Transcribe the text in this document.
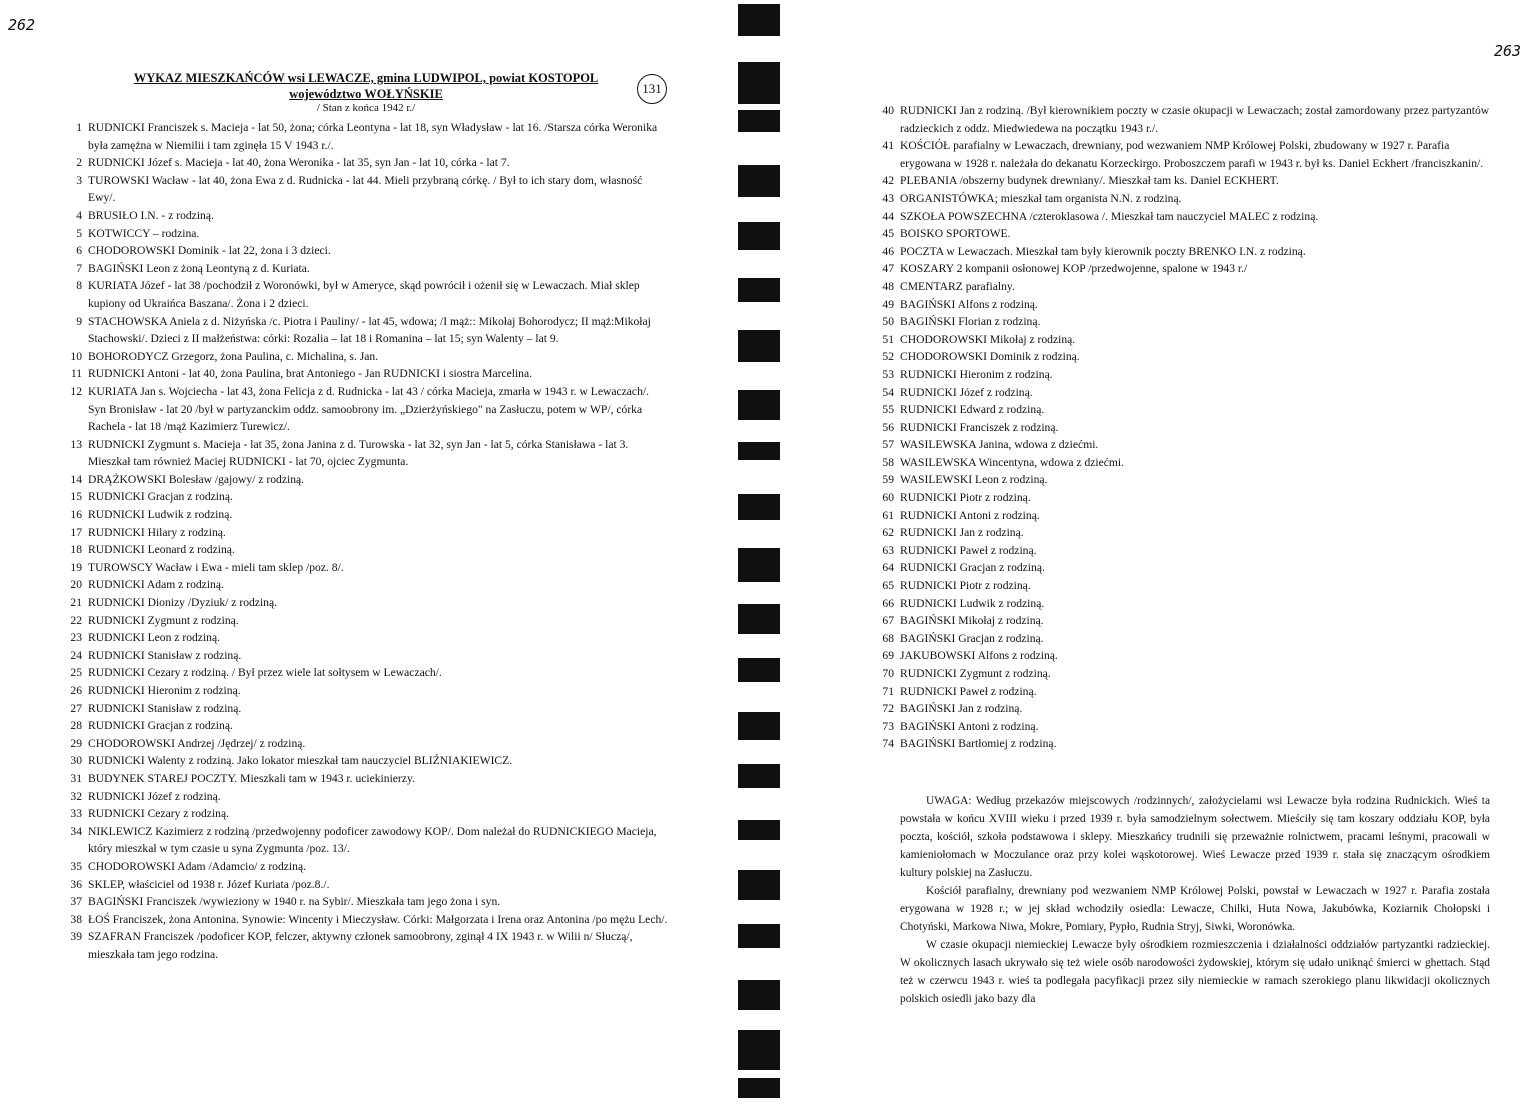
262
263
WYKAZ MIESZKAŃCÓW wsi LEWACZE, gmina LUDWIPOL, powiat KOSTOPOL
województwo WOŁYŃSKIE
/ Stan z końca 1942 r./
131
1 RUDNICKI Franciszek s. Macieja - lat 50, żona; córka Leontyna - lat 18, syn Władysław - lat 16. /Starsza córka Weronika była zamężna w Niemilii i tam zginęła 15 V 1943 r./.
2 RUDNICKI Józef s. Macieja - lat 40, żona Weronika - lat 35, syn Jan - lat 10, córka - lat 7.
3 TUROWSKI Wacław - lat 40, żona Ewa z d. Rudnicka - lat 44. Mieli przybraną córkę. / Był to ich stary dom, własność Ewy/.
4 BRUSIŁO I.N. - z rodziną.
5 KOTWICCY – rodzina.
6 CHODOROWSKI Dominik - lat 22, żona i 3 dzieci.
7 BAGIŃSKI Leon z żoną Leontyną z d. Kuriata.
8 KURIATA Józef - lat 38 /pochodził z Woronówki, był w Ameryce, skąd powrócił i ożenił się w Lewaczach. Miał sklep kupiony od Ukraińca Baszana/. Żona i 2 dzieci.
9 STACHOWSKA Aniela z d. Niżyńska /c. Piotra i Pauliny/ - lat 45, wdowa; /I mąż:: Mikołaj Bohorodycz; II mąż:Mikołaj Stachowski/. Dzieci z II małżeństwa: córki: Rozalia – lat 18 i Romanina – lat 15; syn Walenty – lat 9.
10 BOHORODYCZ Grzegorz, żona Paulina, c. Michalina, s. Jan.
11 RUDNICKI Antoni - lat 40, żona Paulina, brat Antoniego - Jan RUDNICKI i siostra Marcelina.
12 KURIATA Jan s. Wojciecha - lat 43, żona Felicja z d. Rudnicka - lat 43 / córka Macieja, zmarła w 1943 r. w Lewaczach/. Syn Bronisław - lat 20 /był w partyzanckim oddz. samoobrony im. „Dzierżyńskiego" na Zasłuczu, potem w WP/, córka Rachela - lat 18 /mąż Kazimierz Turewicz/.
13 RUDNICKI Zygmunt s. Macieja - lat 35, żona Janina z d. Turowska - lat 32, syn Jan - lat 5, córka Stanisława - lat 3. Mieszkał tam również Maciej RUDNICKI - lat 70, ojciec Zygmunta.
14 DRĄŻKOWSKI Bolesław /gajowy/ z rodziną.
15 RUDNICKI Gracjan z rodziną.
16 RUDNICKI Ludwik z rodziną.
17 RUDNICKI Hilary z rodziną.
18 RUDNICKI Leonard z rodziną.
19 TUROWSCY Wacław i Ewa - mieli tam sklep /poz. 8/.
20 RUDNICKI Adam z rodziną.
21 RUDNICKI Dionizy /Dyziuk/ z rodziną.
22 RUDNICKI Zygmunt z rodziną.
23 RUDNICKI Leon z rodziną.
24 RUDNICKI Stanisław z rodziną.
25 RUDNICKI Cezary z rodziną. / Był przez wiele lat sołtysem w Lewaczach/.
26 RUDNICKI Hieronim z rodziną.
27 RUDNICKI Stanisław z rodziną.
28 RUDNICKI Gracjan z rodziną.
29 CHODOROWSKI Andrzej /Jędrzej/ z rodziną.
30 RUDNICKI Walenty z rodziną. Jako lokator mieszkał tam nauczyciel BLIŹNIAKIEWICZ.
31 BUDYNEK STAREJ POCZTY. Mieszkali tam w 1943 r. uciekinierzy.
32 RUDNICKI Józef z rodziną.
33 RUDNICKI Cezary z rodziną.
34 NIKLEWICZ Kazimierz z rodziną /przedwojenny podoficer zawodowy KOP/. Dom należał do RUDNICKIEGO Macieja, który mieszkał w tym czasie u syna Zygmunta /poz. 13/.
35 CHODOROWSKI Adam /Adamcio/ z rodziną.
36 SKLEP, właściciel od 1938 r. Józef Kuriata /poz.8./.
37 BAGIŃSKI Franciszek /wywieziony w 1940 r. na Sybir/. Mieszkała tam jego żona i syn.
38 ŁOŚ Franciszek, żona Antonina. Synowie: Wincenty i Mieczysław. Córki: Małgorzata i Irena oraz Antonina /po mężu Lech/.
39 SZAFRAN Franciszek /podoficer KOP, felczer, aktywny członek samoobrony, zginął 4 IX 1943 r. w Wilii n/ Słuczą/, mieszkała tam jego rodzina.
40 RUDNICKI Jan z rodziną. /Był kierownikiem poczty w czasie okupacji w Lewaczach; został zamordowany przez partyzantów radzieckich z oddz. Miedwiedewa na początku 1943 r./.
41 KOŚCIÓŁ parafialny w Lewaczach, drewniany, pod wezwaniem NMP Królowej Polski, zbudowany w 1927 r. Parafia erygowana w 1928 r. należała do dekanatu Korzeckirgo. Proboszczem parafi w 1943 r. był ks. Daniel Eckhert /franciszkanin/.
42 PLEBANIA /obszerny budynek drewniany/. Mieszkał tam ks. Daniel ECKHERT.
43 ORGANISTÓWKA; mieszkał tam organista N.N. z rodziną.
44 SZKOŁA POWSZECHNA /czteroklasowa /. Mieszkał tam nauczyciel MALEC z rodziną.
45 BOISKO SPORTOWE.
46 POCZTA w Lewaczach. Mieszkał tam były kierownik poczty BRENKO I.N. z rodziną.
47 KOSZARY 2 kompanii osłonowej KOP /przedwojenne, spalone w 1943 r./
48 CMENTARZ parafialny.
49 BAGIŃSKI Alfons z rodziną.
50 BAGIŃSKI Florian z rodziną.
51 CHODOROWSKI Mikołaj z rodziną.
52 CHODOROWSKI Dominik z rodziną.
53 RUDNICKI Hieronim z rodziną.
54 RUDNICKI Józef z rodziną.
55 RUDNICKI Edward z rodziną.
56 RUDNICKI Franciszek z rodziną.
57 WASILEWSKA Janina, wdowa z dziećmi.
58 WASILEWSKA Wincentyna, wdowa z dziećmi.
59 WASILEWSKI Leon z rodziną.
60 RUDNICKI Piotr z rodziną.
61 RUDNICKI Antoni z rodziną.
62 RUDNICKI Jan z rodziną.
63 RUDNICKI Paweł z rodziną.
64 RUDNICKI Gracjan z rodziną.
65 RUDNICKI Piotr z rodziną.
66 RUDNICKI Ludwik z rodziną.
67 BAGIŃSKI Mikołaj z rodziną.
68 BAGIŃSKI Gracjan z rodziną.
69 JAKUBOWSKI Alfons z rodziną.
70 RUDNICKI Zygmunt z rodziną.
71 RUDNICKI Paweł z rodziną.
72 BAGIŃSKI Jan z rodziną.
73 BAGIŃSKI Antoni z rodziną.
74 BAGIŃSKI Bartłomiej z rodziną.

UWAGA: Według przekazów miejscowych /rodzinnych/, założycielami wsi Lewacze była rodzina Rudnickich. Wieś ta powstała w końcu XVIII wieku i przed 1939 r. była samodzielnym sołectwem. Mieściły się tam koszary oddziału KOP, była poczta, kościół, szkoła podstawowa i sklepy. Mieszkańcy trudnili się przeważnie rolnictwem, pracami leśnymi, pracowali w kamieniołomach w Moczulance oraz przy kolei wąskotorowej. Wieś Lewacze przed 1939 r. stała się znaczącym ośrodkiem kultury polskiej na Zasłuczu.

Kościół parafialny, drewniany pod wezwaniem NMP Królowej Polski, powstał w Lewaczach w 1927 r. Parafia została erygowana w 1928 r.; w jej skład wchodziły osiedla: Lewacze, Chilki, Huta Nowa, Jakubówka, Koziarnik Chołopski i Chotyński, Markowa Niwa, Mokre, Pomiary, Pypło, Rudnia Stryj, Siwki, Woronówka.

W czasie okupacji niemieckiej Lewacze były ośrodkiem rozmieszczenia i działalności oddziałów partyzantki radzieckiej. W okolicznych lasach ukrywało się też wiele osób narodowości żydowskiej, którym się udało uniknąć śmierci w ghettach. Stąd też w czerwcu 1943 r. wieś ta podlegała pacyfikacji przez siły niemieckie w ramach szerokiego planu likwidacji okolicznych polskich osiedli jako bazy dla
